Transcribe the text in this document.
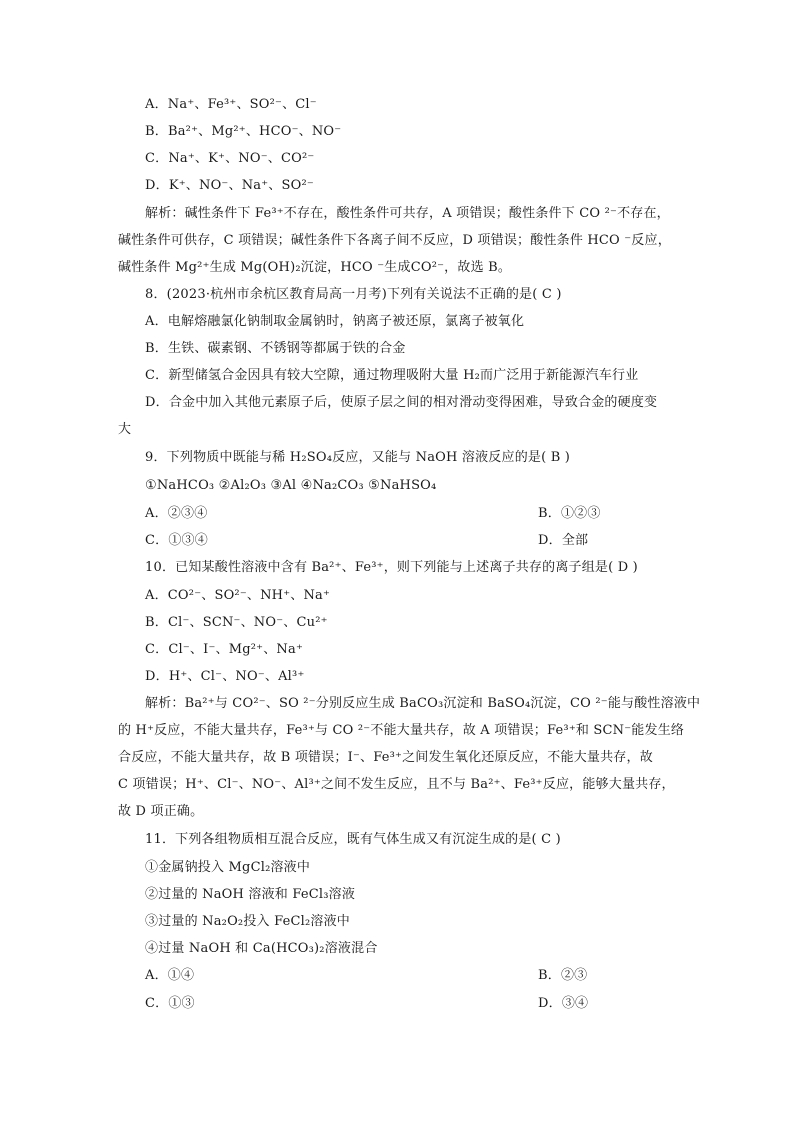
A．Na⁺、Fe³⁺、SO²⁻、Cl⁻
B．Ba²⁺、Mg²⁺、HCO⁻、NO⁻
C．Na⁺、K⁺、NO⁻、CO²⁻
D．K⁺、NO⁻、Na⁺、SO²⁻
解析：碱性条件下 Fe³⁺不存在，酸性条件可共存，A 项错误；酸性条件下 CO ²⁻不存在，
碱性条件可供存，C 项错误；碱性条件下各离子间不反应，D 项错误；酸性条件 HCO ⁻反应，
碱性条件 Mg²⁺生成 Mg(OH)₂沉淀，HCO ⁻生成CO²⁻，故选 B。
8．(2023·杭州市余杭区教育局高一月考)下列有关说法不正确的是( C )
A．电解熔融氯化钠制取金属钠时，钠离子被还原，氯离子被氧化
B．生铁、碳素钢、不锈钢等都属于铁的合金
C．新型储氢合金因具有较大空隙，通过物理吸附大量 H₂而广泛用于新能源汽车行业
D．合金中加入其他元素原子后，使原子层之间的相对滑动变得困难，导致合金的硬度变
大
9．下列物质中既能与稀 H₂SO₄反应，又能与 NaOH 溶液反应的是( B )
①NaHCO₃ ②Al₂O₃ ③Al ④Na₂CO₃ ⑤NaHSO₄
A．②③④	B．①②③
C．①③④	D．全部
10．已知某酸性溶液中含有 Ba²⁺、Fe³⁺，则下列能与上述离子共存的离子组是( D )
A．CO²⁻、SO²⁻、NH⁺、Na⁺
B．Cl⁻、SCN⁻、NO⁻、Cu²⁺
C．Cl⁻、I⁻、Mg²⁺、Na⁺
D．H⁺、Cl⁻、NO⁻、Al³⁺
解析：Ba²⁺与 CO²⁻、SO ²⁻分别反应生成 BaCO₃沉淀和 BaSO₄沉淀，CO ²⁻能与酸性溶液中
的 H⁺反应，不能大量共存，Fe³⁺与 CO ²⁻不能大量共存，故 A 项错误；Fe³⁺和 SCN⁻能发生络
合反应，不能大量共存，故 B 项错误；I⁻、Fe³⁺之间发生氧化还原反应，不能大量共存，故
C 项错误；H⁺、Cl⁻、NO⁻、Al³⁺之间不发生反应，且不与 Ba²⁺、Fe³⁺反应，能够大量共存，
故 D 项正确。
11．下列各组物质相互混合反应，既有气体生成又有沉淀生成的是( C )
①金属钠投入 MgCl₂溶液中
②过量的 NaOH 溶液和 FeCl₃溶液
③过量的 Na₂O₂投入 FeCl₂溶液中
④过量 NaOH 和 Ca(HCO₃)₂溶液混合
A．①④	B．②③
C．①③	D．③④
